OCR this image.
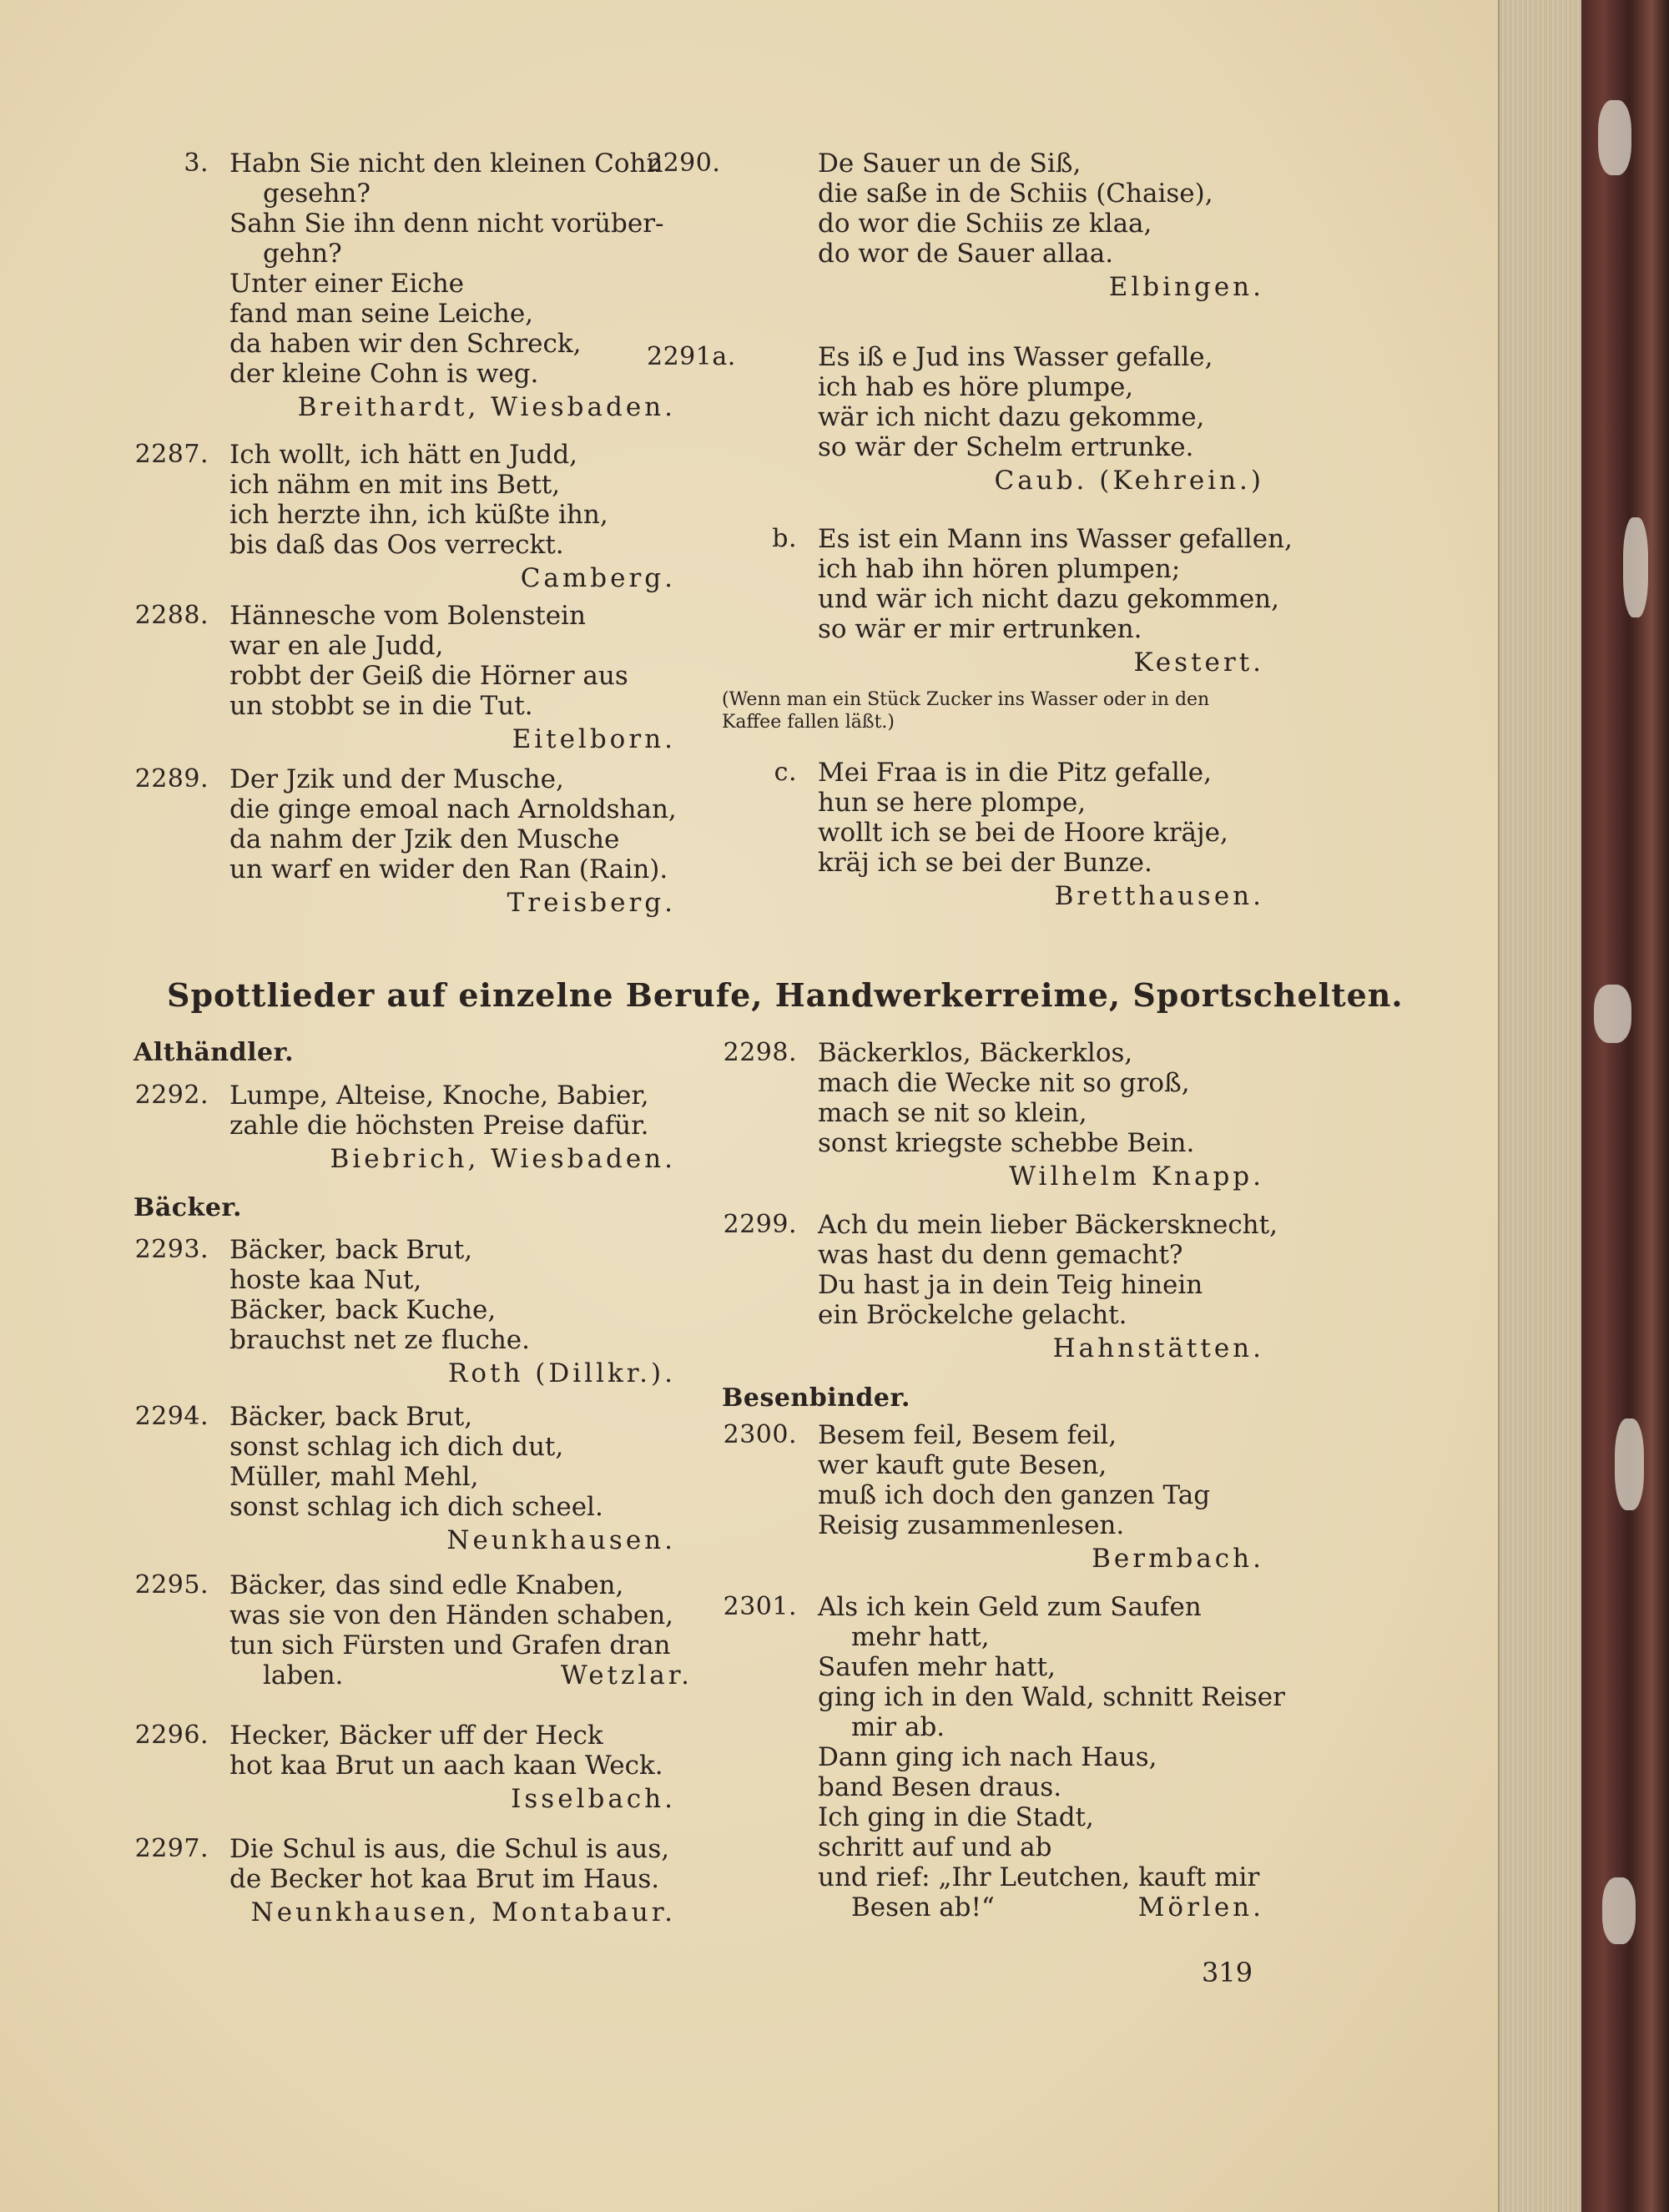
3. Habn Sie nicht den kleinen Cohn
gesehn?
Sahn Sie ihn denn nicht vorüber-
gehn?
Unter einer Eiche
fand man seine Leiche,
da haben wir den Schreck,
der kleine Cohn is weg.
Breithardt, Wiesbaden.
2287. Ich wollt, ich hätt en Judd,
ich nähm en mit ins Bett,
ich herzte ihn, ich küßte ihn,
bis daß das Oos verreckt.
Camberg.
2288. Hännesche vom Bolenstein
war en ale Judd,
robbt der Geiß die Hörner aus
un stobbt se in die Tut.
Eitelborn.
2289. Der Jzik und der Musche,
die ginge emoal nach Arnoldshan,
da nahm der Jzik den Musche
un warf en wider den Ran (Rain).
Treisberg.
2290.	De Sauer un de Siß,
die saße in de Schiis (Chaise),
do wor die Schiis ze klaa,
do wor de Sauer allaa.
Elbingen.
2291a.	Es iß e Jud ins Wasser gefalle,
ich hab es höre plumpe,
wär ich nicht dazu gekomme,
so wär der Schelm ertrunke.
Caub. (Kehrein.)
b. Es ist ein Mann ins Wasser gefallen,
ich hab ihn hören plumpen;
und wär ich nicht dazu gekommen,
so wär er mir ertrunken.
Kestert.
(Wenn man ein Stück Zucker ins Wasser oder in den Kaffee fallen läßt.)
c. Mei Fraa is in die Pitz gefalle,
hun se here plompe,
wollt ich se bei de Hoore kräje,
kräj ich se bei der Bunze.
Bretthausen.
Spottlieder auf einzelne Berufe, Handwerkerreime, Sportschelten.
Althändler.
2292. Lumpe, Alteise, Knoche, Babier,
zahle die höchsten Preise dafür.
Biebrich, Wiesbaden.
Bäcker.
2293. Bäcker, back Brut,
hoste kaa Nut,
Bäcker, back Kuche,
brauchst net ze fluche.
Roth (Dillkr.).
2294. Bäcker, back Brut,
sonst schlag ich dich dut,
Müller, mahl Mehl,
sonst schlag ich dich scheel.
Neunkhausen.
2295. Bäcker, das sind edle Knaben,
was sie von den Händen schaben,
tun sich Fürsten und Grafen dran
laben.	Wetzlar.
2296. Hecker, Bäcker uff der Heck
hot kaa Brut un aach kaan Weck.
Isselbach.
2297. Die Schul is aus, die Schul is aus,
de Becker hot kaa Brut im Haus.
Neunkhausen, Montabaur.
2298. Bäckerklos, Bäckerklos,
mach die Wecke nit so groß,
mach se nit so klein,
sonst kriegste schebbe Bein.
Wilhelm Knapp.
2299. Ach du mein lieber Bäckersknecht,
was hast du denn gemacht?
Du hast ja in dein Teig hinein
ein Bröckelche gelacht.
Hahnstätten.
Besenbinder.
2300. Besem feil, Besem feil,
wer kauft gute Besen,
muß ich doch den ganzen Tag
Reisig zusammenlesen.
Bermbach.
2301. Als ich kein Geld zum Saufen
mehr hatt,
Saufen mehr hatt,
ging ich in den Wald, schnitt Reiser
mir ab.
Dann ging ich nach Haus,
band Besen draus.
Ich ging in die Stadt,
schritt auf und ab
und rief: „Ihr Leutchen, kauft mir
Besen ab!“	Mörlen.
319
